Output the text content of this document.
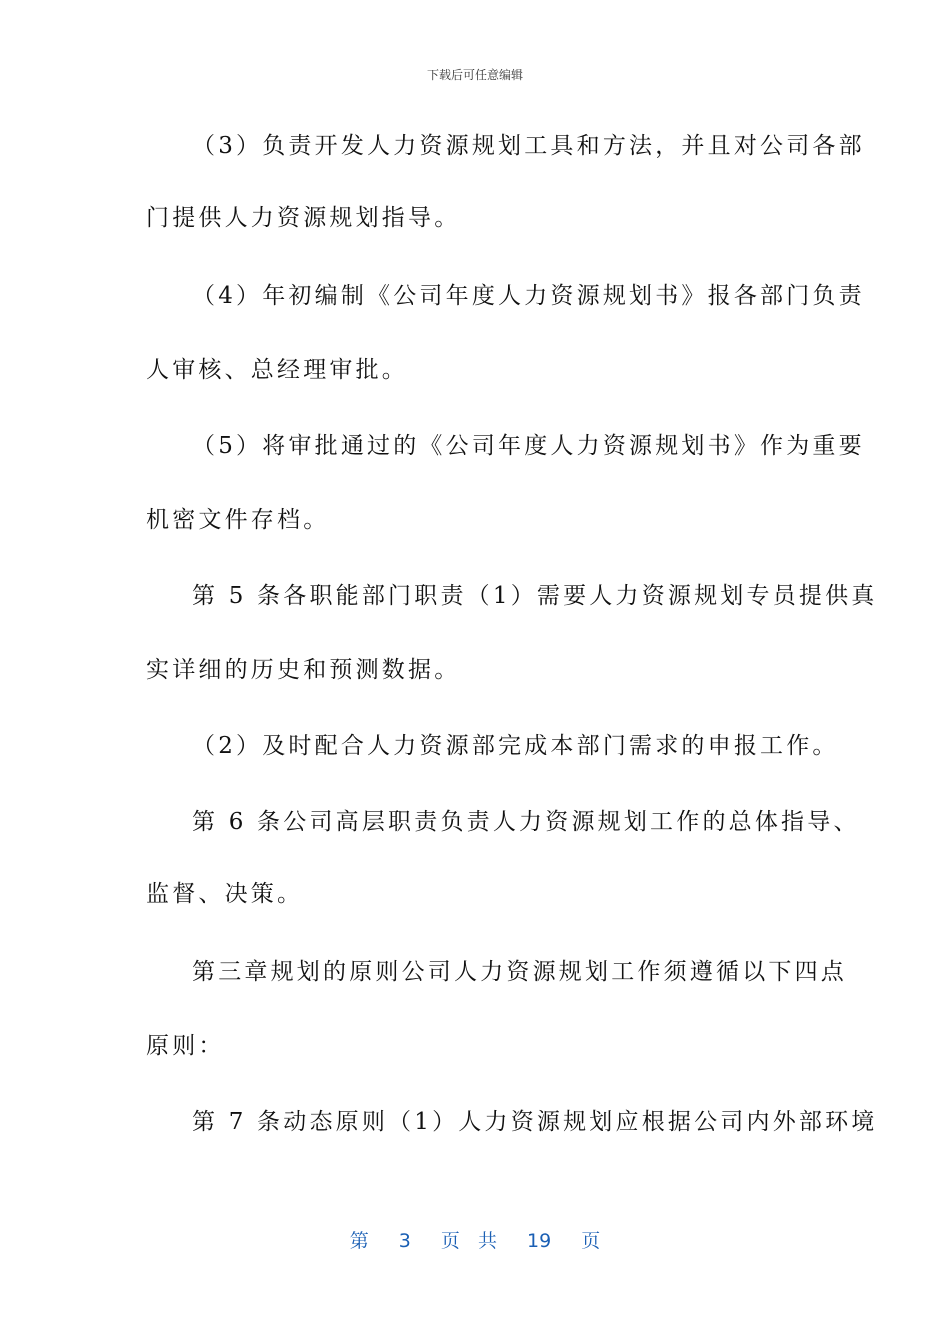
下载后可任意编辑
（3）负责开发人力资源规划工具和方法，并且对公司各部
门提供人力资源规划指导。
（4）年初编制《公司年度人力资源规划书》报各部门负责
人审核、总经理审批。
（5）将审批通过的《公司年度人力资源规划书》作为重要
机密文件存档。
第 5 条各职能部门职责（1）需要人力资源规划专员提供真
实详细的历史和预测数据。
（2）及时配合人力资源部完成本部门需求的申报工作。
第 6 条公司高层职责负责人力资源规划工作的总体指导、
监督、决策。
第三章规划的原则公司人力资源规划工作须遵循以下四点
原则：
第 7 条动态原则（1）人力资源规划应根据公司内外部环境
第 3 页 共 19 页
